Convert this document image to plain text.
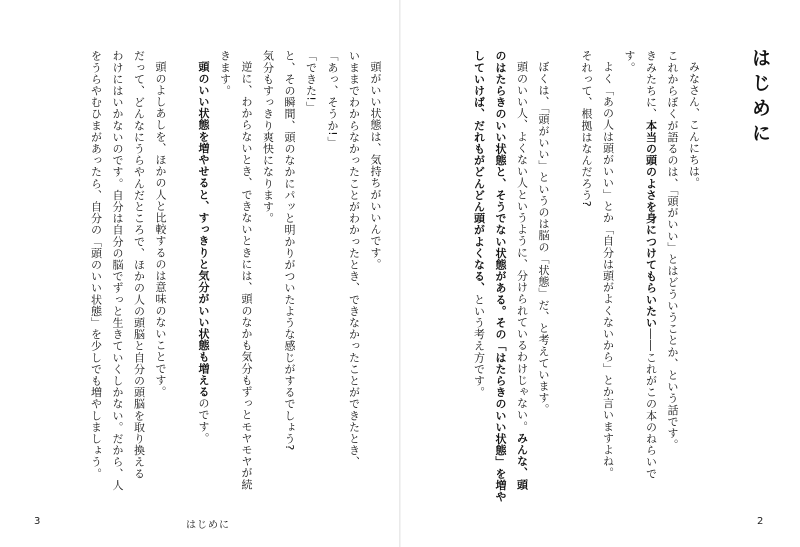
はじめに

みなさん、こんにちは。

これからぼくが語るのは、「頭がいい」とはどういうことか、という話です。

きみたちに、本当の頭のよさを身につけてもらいたい――これがこの本のねらいで

す。

よく「あの人は頭がいい」とか「自分は頭がよくないから」とか言いますよね。

それって、根拠はなんだろう?

ぼくは、「頭がいい」というのは脳の「状態」だ、と考えています。

頭のいい人、よくない人というように、分けられているわけじゃない。みんな、頭

のはたらきのいい状態と、そうでない状態がある。その「はたらきのいい状態」を増や

していけば、だれもがどんどん頭がよくなる、という考え方です。

2

頭がいい状態は、気持ちがいいんです。

いままでわからなかったことがわかったとき、できなかったことができたとき、

「あっ、そうか!」

「できた!」

と、その瞬間、頭のなかにパッと明かりがついたような感じがするでしょう?

気分もすっきり爽快になります。

逆に、わからないとき、できないときには、頭のなかも気分もずっとモヤモヤが続

きます。

頭のいい状態を増やせると、すっきりと気分がいい状態も増えるのです。

頭のよしあしを、ほかの人と比較するのは意味のないことです。

だって、どんなにうらやんだところで、ほかの人の頭脳と自分の頭脳を取り換える

わけにはいかないのです。自分は自分の脳でずっと生きていくしかない。だから、人

をうらやむひまがあったら、自分の「頭のいい状態」を少しでも増やしましょう。

3	はじめに
